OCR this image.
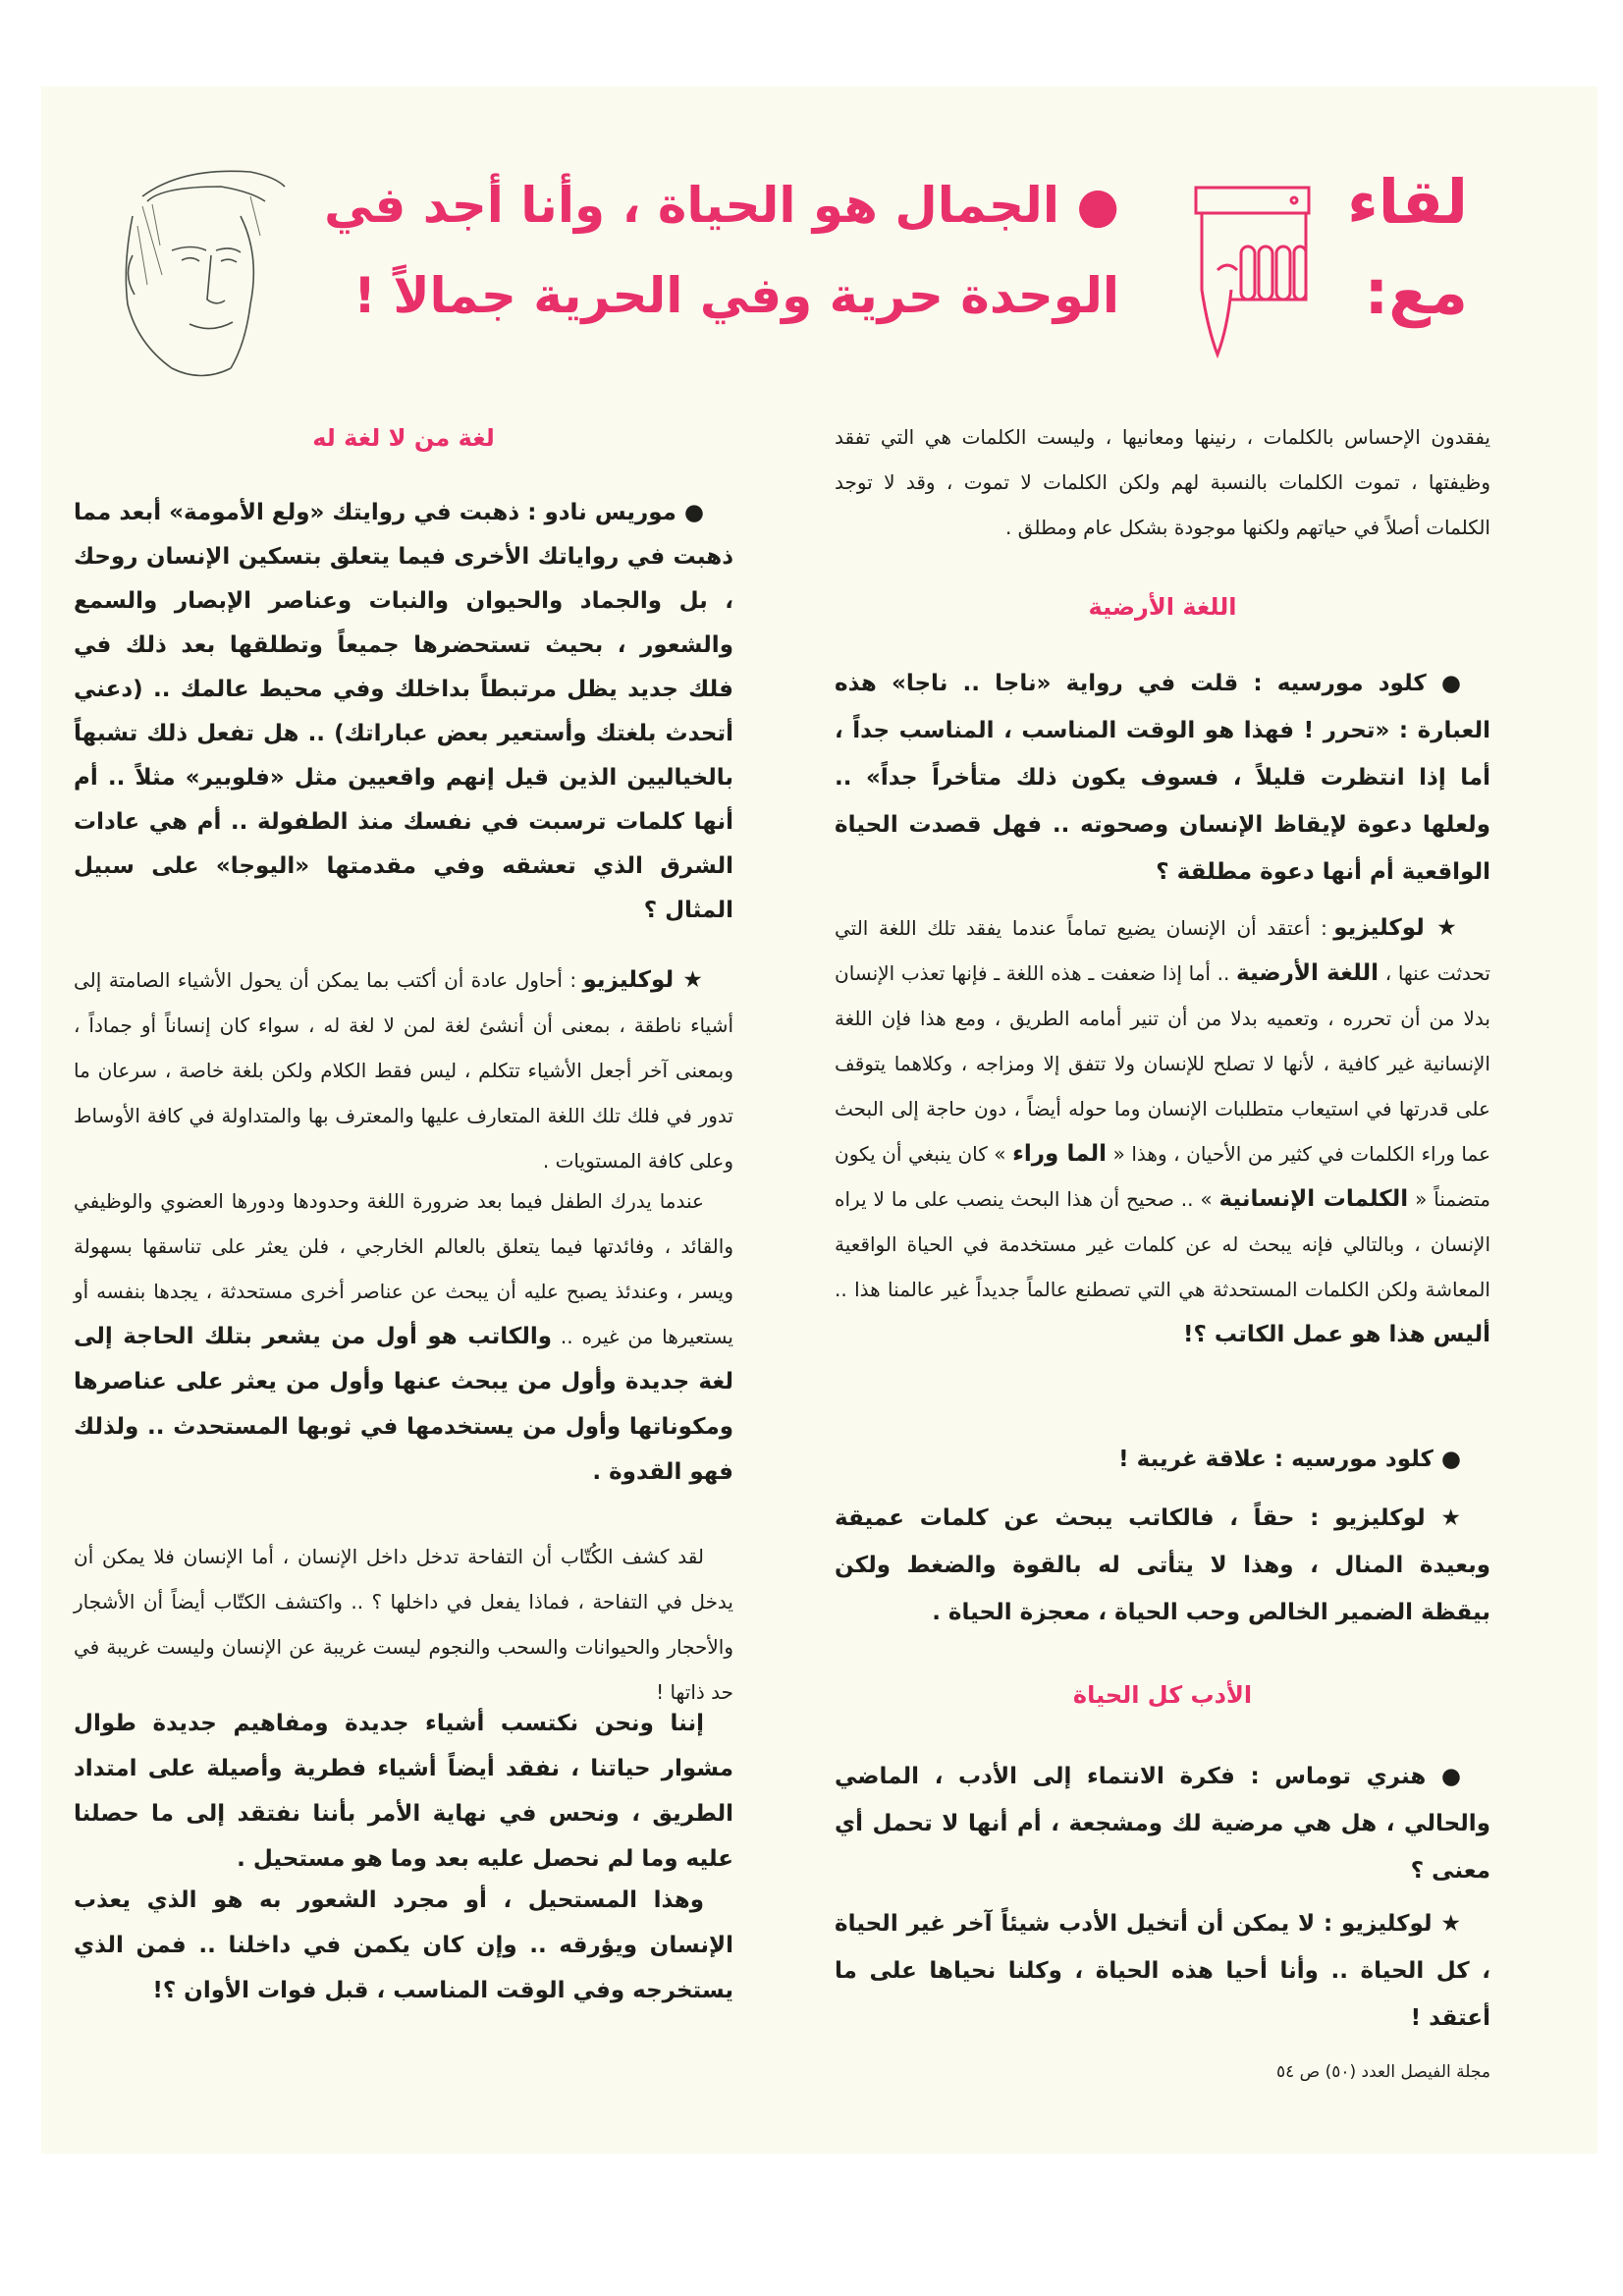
لقاء
مع:
● الجمال هو الحياة ، وأنا أجد في
الوحدة حرية وفي الحرية جمالاً !
يفقدون الإحساس بالكلمات ، رنينها ومعانيها ، وليست الكلمات هي التي تفقد وظيفتها ، تموت الكلمات بالنسبة لهم ولكن الكلمات لا تموت ، وقد لا توجد الكلمات أصلاً في حياتهم ولكنها موجودة بشكل عام ومطلق .
اللغة الأرضية
● كلود مورسيه : قلت في رواية «ناجا .. ناجا» هذه العبارة : «تحرر ! فهذا هو الوقت المناسب ، المناسب جداً ، أما إذا انتظرت قليلاً ، فسوف يكون ذلك متأخراً جداً» .. ولعلها دعوة لإيقاظ الإنسان وصحوته .. فهل قصدت الحياة الواقعية أم أنها دعوة مطلقة ؟
★ لوكليزيو : أعتقد أن الإنسان يضيع تماماً عندما يفقد تلك اللغة التي تحدثت عنها ، اللغة الأرضية .. أما إذا ضعفت ـ هذه اللغة ـ فإنها تعذب الإنسان بدلا من أن تحرره ، وتعميه بدلا من أن تنير أمامه الطريق ، ومع هذا فإن اللغة الإنسانية غير كافية ، لأنها لا تصلح للإنسان ولا تتفق إلا ومزاجه ، وكلاهما يتوقف على قدرتها في استيعاب متطلبات الإنسان وما حوله أيضاً ، دون حاجة إلى البحث عما وراء الكلمات في كثير من الأحيان ، وهذا « الما وراء » كان ينبغي أن يكون متضمناً « الكلمات الإنسانية » .. صحيح أن هذا البحث ينصب على ما لا يراه الإنسان ، وبالتالي فإنه يبحث له عن كلمات غير مستخدمة في الحياة الواقعية المعاشة ولكن الكلمات المستحدثة هي التي تصطنع عالماً جديداً غير عالمنا هذا .. أليس هذا هو عمل الكاتب ؟!
● كلود مورسيه : علاقة غريبة !
★ لوكليزيو : حقاً ، فالكاتب يبحث عن كلمات عميقة وبعيدة المنال ، وهذا لا يتأتى له بالقوة والضغط ولكن بيقظة الضمير الخالص وحب الحياة ، معجزة الحياة .
الأدب كل الحياة
● هنري توماس : فكرة الانتماء إلى الأدب ، الماضي والحالي ، هل هي مرضية لك ومشجعة ، أم أنها لا تحمل أي معنى ؟
★ لوكليزيو : لا يمكن أن أتخيل الأدب شيئاً آخر غير الحياة ، كل الحياة .. وأنا أحيا هذه الحياة ، وكلنا نحياها على ما أعتقد !
مجلة الفيصل العدد (٥٠) ص ٥٤
لغة من لا لغة له
● موريس نادو : ذهبت في روايتك «ولع الأمومة» أبعد مما ذهبت في رواياتك الأخرى فيما يتعلق بتسكين الإنسان روحك ، بل والجماد والحيوان والنبات وعناصر الإبصار والسمع والشعور ، بحيث تستحضرها جميعاً وتطلقها بعد ذلك في فلك جديد يظل مرتبطاً بداخلك وفي محيط عالمك .. (دعني أتحدث بلغتك وأستعير بعض عباراتك) .. هل تفعل ذلك تشبهاً بالخياليين الذين قيل إنهم واقعيين مثل «فلوبير» مثلاً .. أم أنها كلمات ترسبت في نفسك منذ الطفولة .. أم هي عادات الشرق الذي تعشقه وفي مقدمتها «اليوجا» على سبيل المثال ؟
★ لوكليزيو : أحاول عادة أن أكتب بما يمكن أن يحول الأشياء الصامتة إلى أشياء ناطقة ، بمعنى أن أنشئ لغة لمن لا لغة له ، سواء كان إنساناً أو جماداً ، وبمعنى آخر أجعل الأشياء تتكلم ، ليس فقط الكلام ولكن بلغة خاصة ، سرعان ما تدور في فلك تلك اللغة المتعارف عليها والمعترف بها والمتداولة في كافة الأوساط وعلى كافة المستويات .
عندما يدرك الطفل فيما بعد ضرورة اللغة وحدودها ودورها العضوي والوظيفي والقائد ، وفائدتها فيما يتعلق بالعالم الخارجي ، فلن يعثر على تناسقها بسهولة ويسر ، وعندئذ يصبح عليه أن يبحث عن عناصر أخرى مستحدثة ، يجدها بنفسه أو يستعيرها من غيره .. والكاتب هو أول من يشعر بتلك الحاجة إلى لغة جديدة وأول من يبحث عنها وأول من يعثر على عناصرها ومكوناتها وأول من يستخدمها في ثوبها المستحدث .. ولذلك فهو القدوة .
لقد كشف الكُتّاب أن التفاحة تدخل داخل الإنسان ، أما الإنسان فلا يمكن أن يدخل في التفاحة ، فماذا يفعل في داخلها ؟ .. واكتشف الكتّاب أيضاً أن الأشجار والأحجار والحيوانات والسحب والنجوم ليست غريبة عن الإنسان وليست غريبة في حد ذاتها !
إننا ونحن نكتسب أشياء جديدة ومفاهيم جديدة طوال مشوار حياتنا ، نفقد أيضاً أشياء فطرية وأصيلة على امتداد الطريق ، ونحس في نهاية الأمر بأننا نفتقد إلى ما حصلنا عليه وما لم نحصل عليه بعد وما هو مستحيل .
وهذا المستحيل ، أو مجرد الشعور به هو الذي يعذب الإنسان ويؤرقه .. وإن كان يكمن في داخلنا .. فمن الذي يستخرجه وفي الوقت المناسب ، قبل فوات الأوان ؟!
